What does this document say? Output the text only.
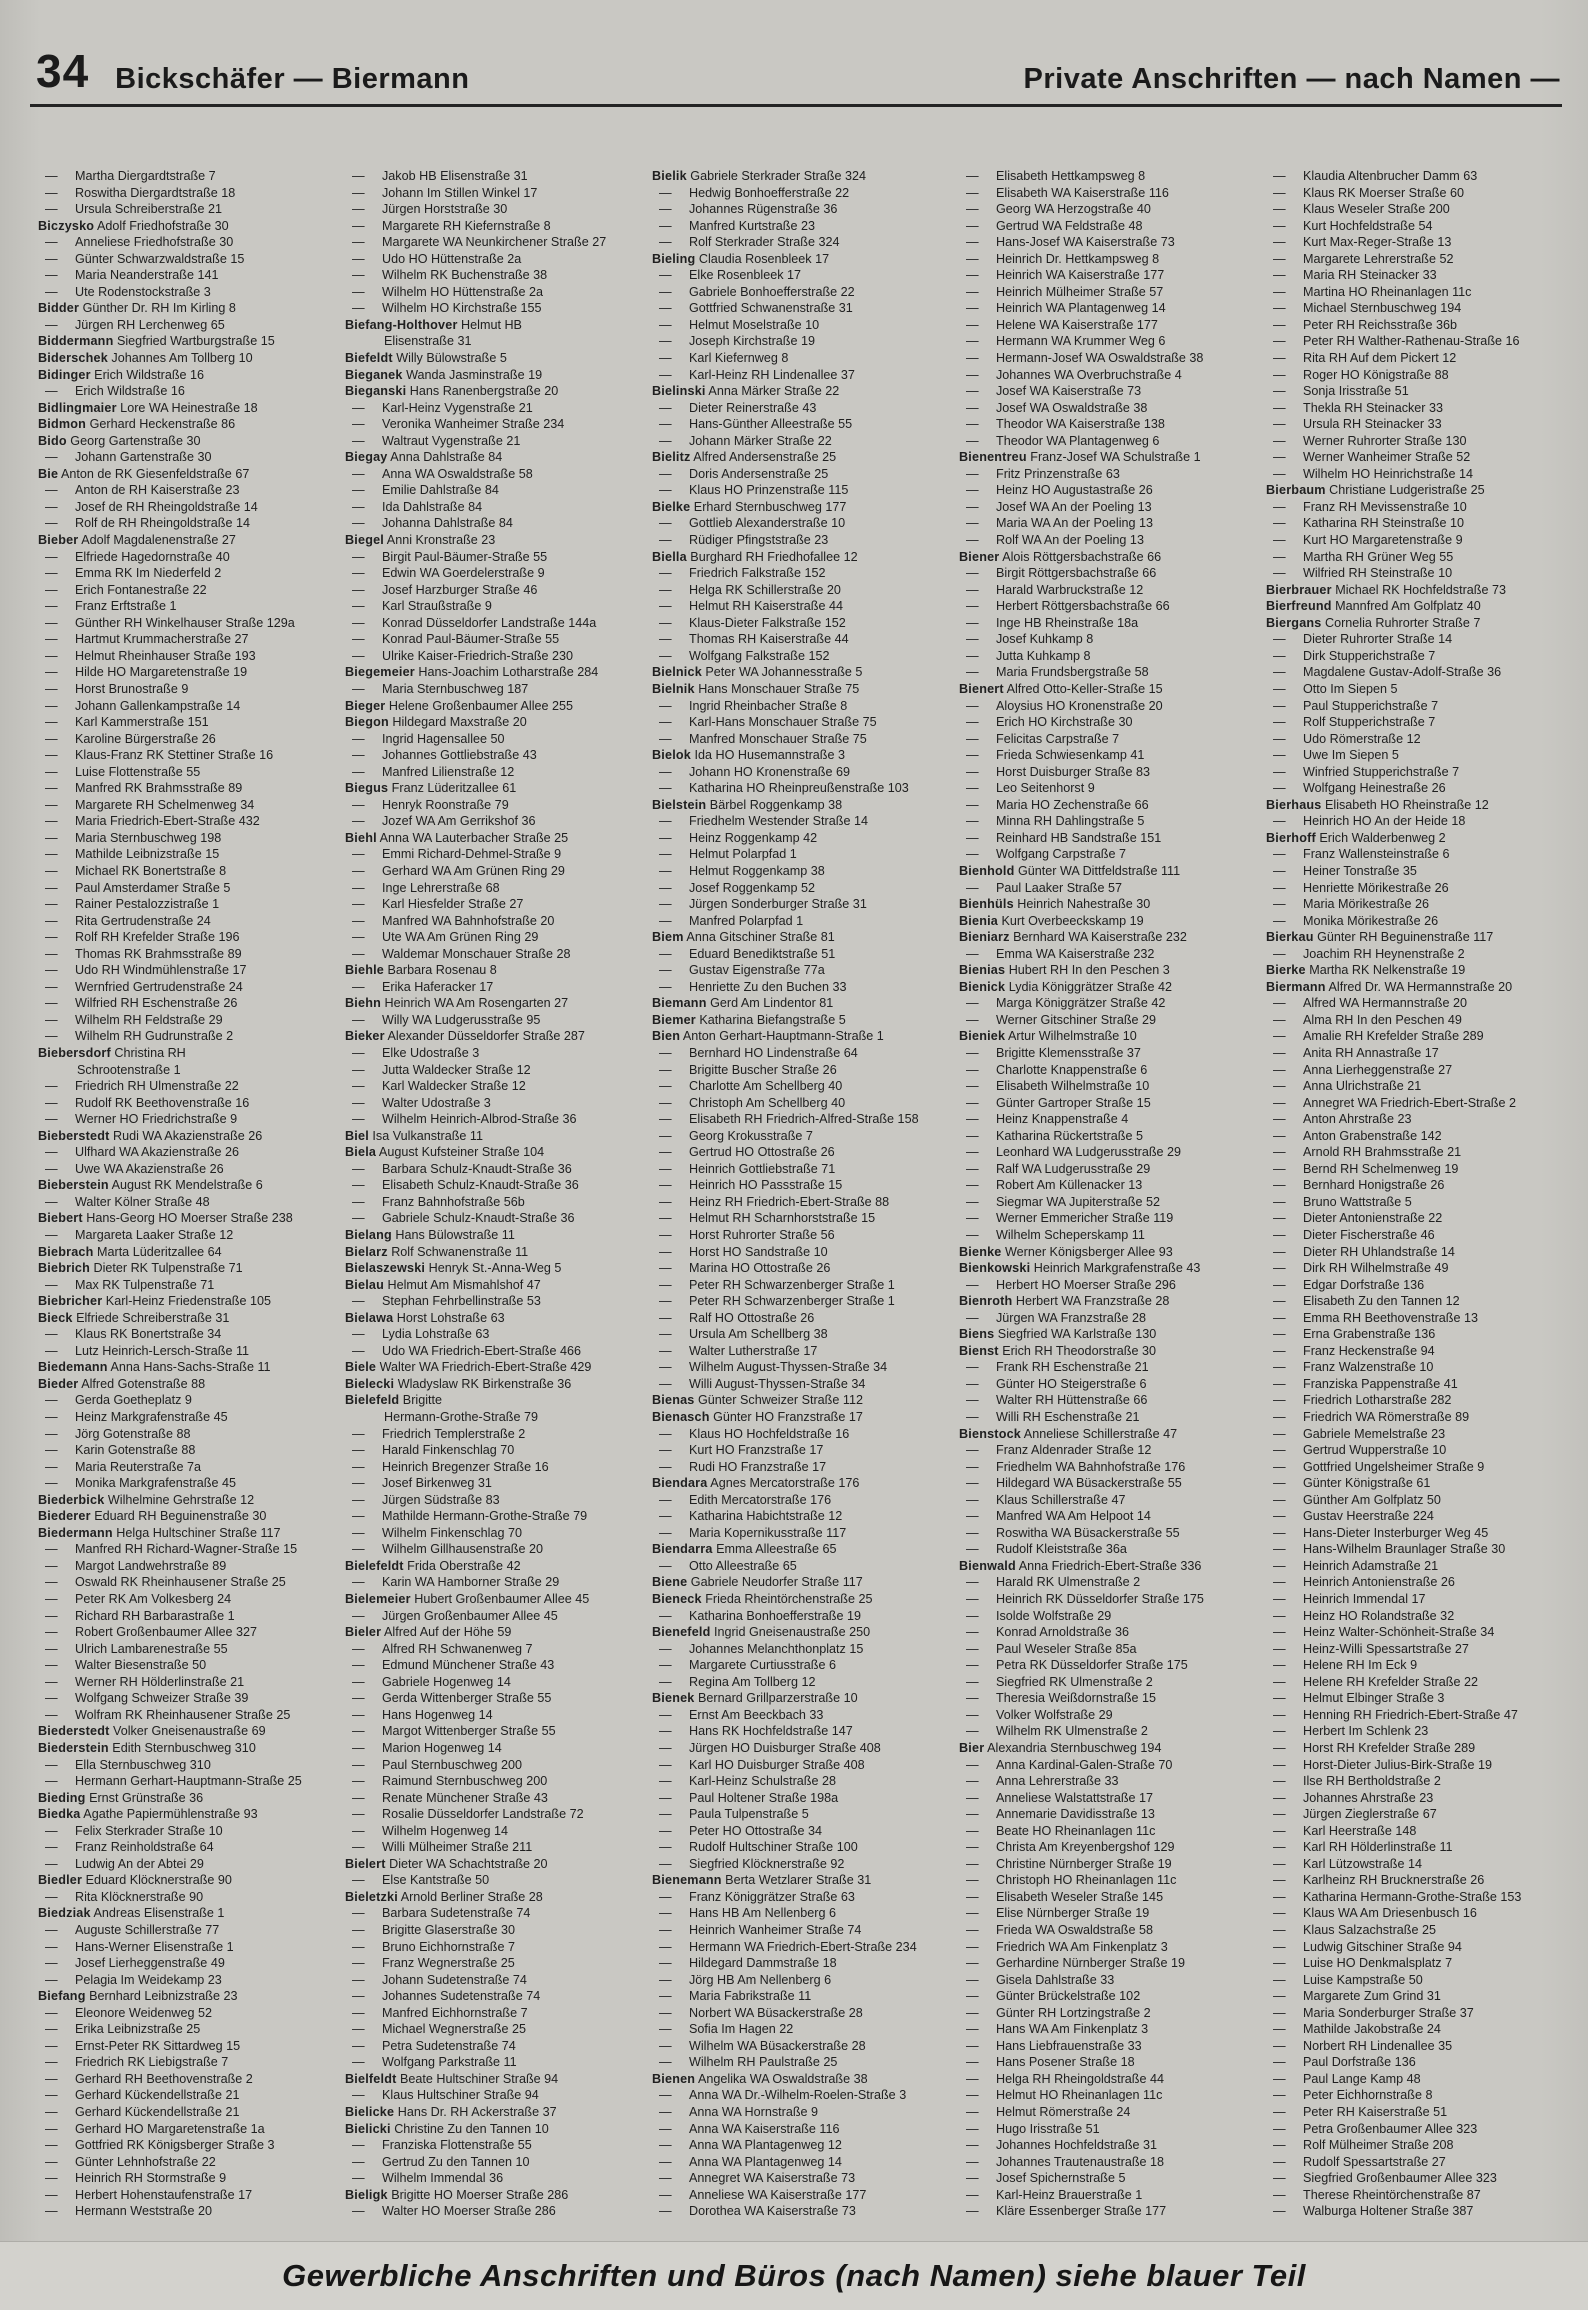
34 Bickschäfer — Biermann	Private Anschriften — nach Namen —
— Martha Diergardtstraße 7
— Roswitha Diergardtstraße 18
— Ursula Schreiberstraße 21
Biczysko Adolf Friedhofstraße 30
— Anneliese Friedhofstraße 30
— Günter Schwarzwaldstraße 15
— Maria Neanderstraße 141
— Ute Rodenstockstraße 3
Bidder Günther Dr. RH Im Kirling 8
— Jürgen RH Lerchenweg 65
Biddermann Siegfried Wartburgstraße 15
Biderschek Johannes Am Tollberg 10
Bidinger Erich Wildstraße 16
— Erich Wildstraße 16
Bidlingmaier Lore WA Heinestraße 18
Bidmon Gerhard Heckenstraße 86
Bido Georg Gartenstraße 30
— Johann Gartenstraße 30
Bie Anton de RK Giesenfeldstraße 67
— Anton de RH Kaiserstraße 23
— Josef de RH Rheingoldstraße 14
— Rolf de RH Rheingoldstraße 14
Bieber Adolf Magdalenenstraße 27
— Elfriede Hagedornstraße 40
— Emma RK Im Niederfeld 2
— Erich Fontanestraße 22
— Franz Erftstraße 1
— Günther RH Winkelhauser Straße 129a
— Hartmut Krummacherstraße 27
— Helmut Rheinhauser Straße 193
— Hilde HO Margaretenstraße 19
— Horst Brunostraße 9
— Johann Gallenkampstraße 14
— Karl Kammerstraße 151
— Karoline Bürgerstraße 26
— Klaus-Franz RK Stettiner Straße 16
— Luise Flottenstraße 55
— Manfred RK Brahmsstraße 89
— Margarete RH Schelmenweg 34
— Maria Friedrich-Ebert-Straße 432
— Maria Sternbuschweg 198
— Mathilde Leibnizstraße 15
— Michael RK Bonertstraße 8
— Paul Amsterdamer Straße 5
— Rainer Pestalozzistraße 1
— Rita Gertrudenstraße 24
— Rolf RH Krefelder Straße 196
— Thomas RK Brahmsstraße 89
— Udo RH Windmühlenstraße 17
— Wernfried Gertrudenstraße 24
— Wilfried RH Eschenstraße 26
— Wilhelm RH Feldstraße 29
— Wilhelm RH Gudrunstraße 2
Biebersdorf Christina RH
Schrootenstraße 1
— Friedrich RH Ulmenstraße 22
— Rudolf RK Beethovenstraße 16
— Werner HO Friedrichstraße 9
Bieberstedt Rudi WA Akazienstraße 26
— Ulfhard WA Akazienstraße 26
— Uwe WA Akazienstraße 26
Bieberstein August RK Mendelstraße 6
— Walter Kölner Straße 48
Biebert Hans-Georg HO Moerser Straße 238
— Margareta Laaker Straße 12
Biebrach Marta Lüderitzallee 64
Biebrich Dieter RK Tulpenstraße 71
— Max RK Tulpenstraße 71
Biebricher Karl-Heinz Friedenstraße 105
Bieck Elfriede Schreiberstraße 31
— Klaus RK Bonertstraße 34
— Lutz Heinrich-Lersch-Straße 11
Biedemann Anna Hans-Sachs-Straße 11
Bieder Alfred Gotenstraße 88
— Gerda Goetheplatz 9
— Heinz Markgrafenstraße 45
— Jörg Gotenstraße 88
— Karin Gotenstraße 88
— Maria Reuterstraße 7a
— Monika Markgrafenstraße 45
Biederbick Wilhelmine Gehrstraße 12
Biederer Eduard RH Beguinenstraße 30
Biedermann Helga Hultschiner Straße 117
— Manfred RH Richard-Wagner-Straße 15
— Margot Landwehrstraße 89
— Oswald RK Rheinhausener Straße 25
— Peter RK Am Volkesberg 24
— Richard RH Barbarastraße 1
— Robert Großenbaumer Allee 327
— Ulrich Lambarenestraße 55
— Walter Biesenstraße 50
— Werner RH Hölderlinstraße 21
— Wolfgang Schweizer Straße 39
— Wolfram RK Rheinhausener Straße 25
Biederstedt Volker Gneisenaustraße 69
Biederstein Edith Sternbuschweg 310
— Ella Sternbuschweg 310
— Hermann Gerhart-Hauptmann-Straße 25
Bieding Ernst Grünstraße 36
Biedka Agathe Papiermühlenstraße 93
— Felix Sterkrader Straße 10
— Franz Reinholdstraße 64
— Ludwig An der Abtei 29
Biedler Eduard Klöcknerstraße 90
— Rita Klöcknerstraße 90
Biedziak Andreas Elisenstraße 1
— Auguste Schillerstraße 77
— Hans-Werner Elisenstraße 1
— Josef Lierheggenstraße 49
— Pelagia Im Weidekamp 23
Biefang Bernhard Leibnizstraße 23
— Eleonore Weidenweg 52
— Erika Leibnizstraße 25
— Ernst-Peter RK Sittardweg 15
— Friedrich RK Liebigstraße 7
— Gerhard RH Beethovenstraße 2
— Gerhard Kückendellstraße 21
— Gerhard Kückendellstraße 21
— Gerhard HO Margaretenstraße 1a
— Gottfried RK Königsberger Straße 3
— Günter Lehnhofstraße 22
— Heinrich RH Stormstraße 9
— Herbert Hohenstaufenstraße 17
— Hermann Weststraße 20
— Jakob HB Elisenstraße 31
— Johann Im Stillen Winkel 17
— Jürgen Horststraße 30
— Margarete RH Kiefernstraße 8
— Margarete WA Neunkirchener Straße 27
— Udo HO Hüttenstraße 2a
— Wilhelm RK Buchenstraße 38
— Wilhelm HO Hüttenstraße 2a
— Wilhelm HO Kirchstraße 155
Biefang-Holthover Helmut HB
Elisenstraße 31
Biefeldt Willy Bülowstraße 5
Bieganek Wanda Jasminstraße 19
Bieganski Hans Ranenbergstraße 20
— Karl-Heinz Vygenstraße 21
— Veronika Wanheimer Straße 234
— Waltraut Vygenstraße 21
Biegay Anna Dahlstraße 84
— Anna WA Oswaldstraße 58
— Emilie Dahlstraße 84
— Ida Dahlstraße 84
— Johanna Dahlstraße 84
Biegel Anni Kronstraße 23
— Birgit Paul-Bäumer-Straße 55
— Edwin WA Goerdelerstraße 9
— Josef Harzburger Straße 46
— Karl Straußstraße 9
— Konrad Düsseldorfer Landstraße 144a
— Konrad Paul-Bäumer-Straße 55
— Ulrike Kaiser-Friedrich-Straße 230
Biegemeier Hans-Joachim Lotharstraße 284
— Maria Sternbuschweg 187
Bieger Helene Großenbaumer Allee 255
Biegon Hildegard Maxstraße 20
— Ingrid Hagensallee 50
— Johannes Gottliebstraße 43
— Manfred Lilienstraße 12
Biegus Franz Lüderitzallee 61
— Henryk Roonstraße 79
— Jozef WA Am Gerrikshof 36
Biehl Anna WA Lauterbacher Straße 25
— Emmi Richard-Dehmel-Straße 9
— Gerhard WA Am Grünen Ring 29
— Inge Lehrerstraße 68
— Karl Hiesfelder Straße 27
— Manfred WA Bahnhofstraße 20
— Ute WA Am Grünen Ring 29
— Waldemar Monschauer Straße 28
Biehle Barbara Rosenau 8
— Erika Haferacker 17
Biehn Heinrich WA Am Rosengarten 27
— Willy WA Ludgerusstraße 95
Bieker Alexander Düsseldorfer Straße 287
— Elke Udostraße 3
— Jutta Waldecker Straße 12
— Karl Waldecker Straße 12
— Walter Udostraße 3
— Wilhelm Heinrich-Albrod-Straße 36
Biel Isa Vulkanstraße 11
Biela August Kufsteiner Straße 104
— Barbara Schulz-Knaudt-Straße 36
— Elisabeth Schulz-Knaudt-Straße 36
— Franz Bahnhofstraße 56b
— Gabriele Schulz-Knaudt-Straße 36
Bielang Hans Bülowstraße 11
Bielarz Rolf Schwanenstraße 11
Bielaszewski Henryk St.-Anna-Weg 5
Bielau Helmut Am Mismahlshof 47
— Stephan Fehrbellinstraße 53
Bielawa Horst Lohstraße 63
— Lydia Lohstraße 63
— Udo WA Friedrich-Ebert-Straße 466
Biele Walter WA Friedrich-Ebert-Straße 429
Bielecki Wladyslaw RK Birkenstraße 36
Bielefeld Brigitte
Hermann-Grothe-Straße 79
— Friedrich Templerstraße 2
— Harald Finkenschlag 70
— Heinrich Bregenzer Straße 16
— Josef Birkenweg 31
— Jürgen Südstraße 83
— Mathilde Hermann-Grothe-Straße 79
— Wilhelm Finkenschlag 70
— Wilhelm Gillhausenstraße 20
Bielefeldt Frida Oberstraße 42
— Karin WA Hamborner Straße 29
Bielemeier Hubert Großenbaumer Allee 45
— Jürgen Großenbaumer Allee 45
Bieler Alfred Auf der Höhe 59
— Alfred RH Schwanenweg 7
— Edmund Münchener Straße 43
— Gabriele Hogenweg 14
— Gerda Wittenberger Straße 55
— Hans Hogenweg 14
— Margot Wittenberger Straße 55
— Marion Hogenweg 14
— Paul Sternbuschweg 200
— Raimund Sternbuschweg 200
— Renate Münchener Straße 43
— Rosalie Düsseldorfer Landstraße 72
— Wilhelm Hogenweg 14
— Willi Mülheimer Straße 211
Bielert Dieter WA Schachtstraße 20
— Else Kantstraße 50
Bieletzki Arnold Berliner Straße 28
— Barbara Sudetenstraße 74
— Brigitte Glaserstraße 30
— Bruno Eichhornstraße 7
— Franz Wegnerstraße 25
— Johann Sudetenstraße 74
— Johannes Sudetenstraße 74
— Manfred Eichhornstraße 7
— Michael Wegnerstraße 25
— Petra Sudetenstraße 74
— Wolfgang Parkstraße 11
Bielfeldt Beate Hultschiner Straße 94
— Klaus Hultschiner Straße 94
Bielicke Hans Dr. RH Ackerstraße 37
Bielicki Christine Zu den Tannen 10
— Franziska Flottenstraße 55
— Gertrud Zu den Tannen 10
— Wilhelm Immendal 36
Bieligk Brigitte HO Moerser Straße 286
— Walter HO Moerser Straße 286
Bielik Gabriele Sterkrader Straße 324
— Hedwig Bonhoefferstraße 22
— Johannes Rügenstraße 36
— Manfred Kurtstraße 23
— Rolf Sterkrader Straße 324
Bieling Claudia Rosenbleek 17
— Elke Rosenbleek 17
— Gabriele Bonhoefferstraße 22
— Gottfried Schwanenstraße 31
— Helmut Moselstraße 10
— Joseph Kirchstraße 19
— Karl Kiefernweg 8
— Karl-Heinz RH Lindenallee 37
Bielinski Anna Märker Straße 22
— Dieter Reinerstraße 43
— Hans-Günther Alleestraße 55
— Johann Märker Straße 22
Bielitz Alfred Andersenstraße 25
— Doris Andersenstraße 25
— Klaus HO Prinzenstraße 115
Bielke Erhard Sternbuschweg 177
— Gottlieb Alexanderstraße 10
— Rüdiger Pfingststraße 23
Biella Burghard RH Friedhofallee 12
— Friedrich Falkstraße 152
— Helga RK Schillerstraße 20
— Helmut RH Kaiserstraße 44
— Klaus-Dieter Falkstraße 152
— Thomas RH Kaiserstraße 44
— Wolfgang Falkstraße 152
Bielnick Peter WA Johannesstraße 5
Bielnik Hans Monschauer Straße 75
— Ingrid Rheinbacher Straße 8
— Karl-Hans Monschauer Straße 75
— Manfred Monschauer Straße 75
Bielok Ida HO Husemannstraße 3
— Johann HO Kronenstraße 69
— Katharina HO Rheinpreußenstraße 103
Bielstein Bärbel Roggenkamp 38
— Friedhelm Westender Straße 14
— Heinz Roggenkamp 42
— Helmut Polarpfad 1
— Helmut Roggenkamp 38
— Josef Roggenkamp 52
— Jürgen Sonderburger Straße 31
— Manfred Polarpfad 1
Biem Anna Gitschiner Straße 81
— Eduard Benediktstraße 51
— Gustav Eigenstraße 77a
— Henriette Zu den Buchen 33
Biemann Gerd Am Lindentor 81
Biemer Katharina Biefangstraße 5
Bien Anton Gerhart-Hauptmann-Straße 1
— Bernhard HO Lindenstraße 64
— Brigitte Buscher Straße 26
— Charlotte Am Schellberg 40
— Christoph Am Schellberg 40
— Elisabeth RH Friedrich-Alfred-Straße 158
— Georg Krokusstraße 7
— Gertrud HO Ottostraße 26
— Heinrich Gottliebstraße 71
— Heinrich HO Passstraße 15
— Heinz RH Friedrich-Ebert-Straße 88
— Helmut RH Scharnhorststraße 15
— Horst Ruhrorter Straße 56
— Horst HO Sandstraße 10
— Marina HO Ottostraße 26
— Peter RH Schwarzenberger Straße 1
— Peter RH Schwarzenberger Straße 1
— Ralf HO Ottostraße 26
— Ursula Am Schellberg 38
— Walter Lutherstraße 17
— Wilhelm August-Thyssen-Straße 34
— Willi August-Thyssen-Straße 34
Bienas Günter Schweizer Straße 112
Bienasch Günter HO Franzstraße 17
— Klaus HO Hochfeldstraße 16
— Kurt HO Franzstraße 17
— Rudi HO Franzstraße 17
Biendara Agnes Mercatorstraße 176
— Edith Mercatorstraße 176
— Katharina Habichtstraße 12
— Maria Kopernikusstraße 117
Biendarra Emma Alleestraße 65
— Otto Alleestraße 65
Biene Gabriele Neudorfer Straße 117
Bieneck Frieda Rheintörchenstraße 25
— Katharina Bonhoefferstraße 19
Bienefeld Ingrid Gneisenaustraße 250
— Johannes Melanchthonplatz 15
— Margarete Curtiusstraße 6
— Regina Am Tollberg 12
Bienek Bernard Grillparzerstraße 10
— Ernst Am Beeckbach 33
— Hans RK Hochfeldstraße 147
— Jürgen HO Duisburger Straße 408
— Karl HO Duisburger Straße 408
— Karl-Heinz Schulstraße 28
— Paul Holtener Straße 198a
— Paula Tulpenstraße 5
— Peter HO Ottostraße 34
— Rudolf Hultschiner Straße 100
— Siegfried Klöcknerstraße 92
Bienemann Berta Wetzlarer Straße 31
— Franz Königgrätzer Straße 63
— Hans HB Am Nellenberg 6
— Heinrich Wanheimer Straße 74
— Hermann WA Friedrich-Ebert-Straße 234
— Hildegard Dammstraße 18
— Jörg HB Am Nellenberg 6
— Maria Fabrikstraße 11
— Norbert WA Büsackerstraße 28
— Sofia Im Hagen 22
— Wilhelm WA Büsackerstraße 28
— Wilhelm RH Paulstraße 25
Bienen Angelika WA Oswaldstraße 38
— Anna WA Dr.-Wilhelm-Roelen-Straße 3
— Anna WA Hornstraße 9
— Anna WA Kaiserstraße 116
— Anna WA Plantagenweg 12
— Anna WA Plantagenweg 14
— Annegret WA Kaiserstraße 73
— Anneliese WA Kaiserstraße 177
— Dorothea WA Kaiserstraße 73
— Elisabeth Hettkampsweg 8
— Elisabeth WA Kaiserstraße 116
— Georg WA Herzogstraße 40
— Gertrud WA Feldstraße 48
— Hans-Josef WA Kaiserstraße 73
— Heinrich Dr. Hettkampsweg 8
— Heinrich WA Kaiserstraße 177
— Heinrich Mülheimer Straße 57
— Heinrich WA Plantagenweg 14
— Helene WA Kaiserstraße 177
— Hermann WA Krummer Weg 6
— Hermann-Josef WA Oswaldstraße 38
— Johannes WA Overbruchstraße 4
— Josef WA Kaiserstraße 73
— Josef WA Oswaldstraße 38
— Theodor WA Kaiserstraße 138
— Theodor WA Plantagenweg 6
Bienentreu Franz-Josef WA Schulstraße 1
— Fritz Prinzenstraße 63
— Heinz HO Augustastraße 26
— Josef WA An der Poeling 13
— Maria WA An der Poeling 13
— Rolf WA An der Poeling 13
Biener Alois Röttgersbachstraße 66
— Birgit Röttgersbachstraße 66
— Harald Warbruckstraße 12
— Herbert Röttgersbachstraße 66
— Inge HB Rheinstraße 18a
— Josef Kuhkamp 8
— Jutta Kuhkamp 8
— Maria Frundsbergstraße 58
Bienert Alfred Otto-Keller-Straße 15
— Aloysius HO Kronenstraße 20
— Erich HO Kirchstraße 30
— Felicitas Carpstraße 7
— Frieda Schwiesenkamp 41
— Horst Duisburger Straße 83
— Leo Seitenhorst 9
— Maria HO Zechenstraße 66
— Minna RH Dahlingstraße 5
— Reinhard HB Sandstraße 151
— Wolfgang Carpstraße 7
Bienhold Günter WA Dittfeldstraße 111
— Paul Laaker Straße 57
Bienhüls Heinrich Nahestraße 30
Bienia Kurt Overbeeckskamp 19
Bieniarz Bernhard WA Kaiserstraße 232
— Emma WA Kaiserstraße 232
Bienias Hubert RH In den Peschen 3
Bienick Lydia Königgrätzer Straße 42
— Marga Königgrätzer Straße 42
— Werner Gitschiner Straße 29
Bieniek Artur Wilhelmstraße 10
— Brigitte Klemensstraße 37
— Charlotte Knappenstraße 6
— Elisabeth Wilhelmstraße 10
— Günter Gartroper Straße 15
— Heinz Knappenstraße 4
— Katharina Rückertstraße 5
— Leonhard WA Ludgerusstraße 29
— Ralf WA Ludgerusstraße 29
— Robert Am Küllenacker 13
— Siegmar WA Jupiterstraße 52
— Werner Emmericher Straße 119
— Wilhelm Scheperskamp 11
Bienke Werner Königsberger Allee 93
Bienkowski Heinrich Markgrafenstraße 43
— Herbert HO Moerser Straße 296
Bienroth Herbert WA Franzstraße 28
— Jürgen WA Franzstraße 28
Biens Siegfried WA Karlstraße 130
Bienst Erich RH Theodorstraße 30
— Frank RH Eschenstraße 21
— Günter HO Steigerstraße 6
— Walter RH Hüttenstraße 66
— Willi RH Eschenstraße 21
Bienstock Anneliese Schillerstraße 47
— Franz Aldenrader Straße 12
— Friedhelm WA Bahnhofstraße 176
— Hildegard WA Büsackerstraße 55
— Klaus Schillerstraße 47
— Manfred WA Am Helpoot 14
— Roswitha WA Büsackerstraße 55
— Rudolf Kleiststraße 36a
Bienwald Anna Friedrich-Ebert-Straße 336
— Harald RK Ulmenstraße 2
— Heinrich RK Düsseldorfer Straße 175
— Isolde Wolfstraße 29
— Konrad Arnoldstraße 36
— Paul Weseler Straße 85a
— Petra RK Düsseldorfer Straße 175
— Siegfried RK Ulmenstraße 2
— Theresia Weißdornstraße 15
— Volker Wolfstraße 29
— Wilhelm RK Ulmenstraße 2
Bier Alexandria Sternbuschweg 194
— Anna Kardinal-Galen-Straße 70
— Anna Lehrerstraße 33
— Anneliese Walstattstraße 17
— Annemarie Davidisstraße 13
— Beate HO Rheinanlagen 11c
— Christa Am Kreyenbergshof 129
— Christine Nürnberger Straße 19
— Christoph HO Rheinanlagen 11c
— Elisabeth Weseler Straße 145
— Elise Nürnberger Straße 19
— Frieda WA Oswaldstraße 58
— Friedrich WA Am Finkenplatz 3
— Gerhardine Nürnberger Straße 19
— Gisela Dahlstraße 33
— Günter Brückelstraße 102
— Günter RH Lortzingstraße 2
— Hans WA Am Finkenplatz 3
— Hans Liebfrauenstraße 33
— Hans Posener Straße 18
— Helga RH Rheingoldstraße 44
— Helmut HO Rheinanlagen 11c
— Helmut Römerstraße 24
— Hugo Irisstraße 51
— Johannes Hochfeldstraße 31
— Johannes Trautenaustraße 18
— Josef Spichernstraße 5
— Karl-Heinz Brauerstraße 1
— Kläre Essenberger Straße 177
— Klaudia Altenbrucher Damm 63
— Klaus RK Moerser Straße 60
— Klaus Weseler Straße 200
— Kurt Hochfeldstraße 54
— Kurt Max-Reger-Straße 13
— Margarete Lehrerstraße 52
— Maria RH Steinacker 33
— Martina HO Rheinanlagen 11c
— Michael Sternbuschweg 194
— Peter RH Reichsstraße 36b
— Peter RH Walther-Rathenau-Straße 16
— Rita RH Auf dem Pickert 12
— Roger HO Königstraße 88
— Sonja Irisstraße 51
— Thekla RH Steinacker 33
— Ursula RH Steinacker 33
— Werner Ruhrorter Straße 130
— Werner Wanheimer Straße 52
— Wilhelm HO Heinrichstraße 14
Bierbaum Christiane Ludgeristraße 25
— Franz RH Mevissenstraße 10
— Katharina RH Steinstraße 10
— Kurt HO Margaretenstraße 9
— Martha RH Grüner Weg 55
— Wilfried RH Steinstraße 10
Bierbrauer Michael RK Hochfeldstraße 73
Bierfreund Mannfred Am Golfplatz 40
Biergans Cornelia Ruhrorter Straße 7
— Dieter Ruhrorter Straße 14
— Dirk Stupperichstraße 7
— Magdalene Gustav-Adolf-Straße 36
— Otto Im Siepen 5
— Paul Stupperichstraße 7
— Rolf Stupperichstraße 7
— Udo Römerstraße 12
— Uwe Im Siepen 5
— Winfried Stupperichstraße 7
— Wolfgang Heinestraße 26
Bierhaus Elisabeth HO Rheinstraße 12
— Heinrich HO An der Heide 18
Bierhoff Erich Walderbenweg 2
— Franz Wallensteinstraße 6
— Heiner Tonstraße 35
— Henriette Mörikestraße 26
— Maria Mörikestraße 26
— Monika Mörikestraße 26
Bierkau Günter RH Beguinenstraße 117
— Joachim RH Heynenstraße 2
Bierke Martha RK Nelkenstraße 19
Biermann Alfred Dr. WA Hermannstraße 20
— Alfred WA Hermannstraße 20
— Alma RH In den Peschen 49
— Amalie RH Krefelder Straße 289
— Anita RH Annastraße 17
— Anna Lierheggenstraße 27
— Anna Ulrichstraße 21
— Annegret WA Friedrich-Ebert-Straße 2
— Anton Ahrstraße 23
— Anton Grabenstraße 142
— Arnold RH Brahmsstraße 21
— Bernd RH Schelmenweg 19
— Bernhard Honigstraße 26
— Bruno Wattstraße 5
— Dieter Antonienstraße 22
— Dieter Fischerstraße 46
— Dieter RH Uhlandstraße 14
— Dirk RH Wilhelmstraße 49
— Edgar Dorfstraße 136
— Elisabeth Zu den Tannen 12
— Emma RH Beethovenstraße 13
— Erna Grabenstraße 136
— Franz Heckenstraße 94
— Franz Walzenstraße 10
— Franziska Pappenstraße 41
— Friedrich Lotharstraße 282
— Friedrich WA Römerstraße 89
— Gabriele Memelstraße 23
— Gertrud Wupperstraße 10
— Gottfried Ungelsheimer Straße 9
— Günter Königstraße 61
— Günther Am Golfplatz 50
— Gustav Heerstraße 224
— Hans-Dieter Insterburger Weg 45
— Hans-Wilhelm Braunlager Straße 30
— Heinrich Adamstraße 21
— Heinrich Antonienstraße 26
— Heinrich Immendal 17
— Heinz HO Rolandstraße 32
— Heinz Walter-Schönheit-Straße 34
— Heinz-Willi Spessartstraße 27
— Helene RH Im Eck 9
— Helene RH Krefelder Straße 22
— Helmut Elbinger Straße 3
— Henning RH Friedrich-Ebert-Straße 47
— Herbert Im Schlenk 23
— Horst RH Krefelder Straße 289
— Horst-Dieter Julius-Birk-Straße 19
— Ilse RH Bertholdstraße 2
— Johannes Ahrstraße 23
— Jürgen Zieglerstraße 67
— Karl Heerstraße 148
— Karl RH Hölderlinstraße 11
— Karl Lützowstraße 14
— Karlheinz RH Brucknerstraße 26
— Katharina Hermann-Grothe-Straße 153
— Klaus WA Am Driesenbusch 16
— Klaus Salzachstraße 25
— Ludwig Gitschiner Straße 94
— Luise HO Denkmalsplatz 7
— Luise Kampstraße 50
— Margarete Zum Grind 31
— Maria Sonderburger Straße 37
— Mathilde Jakobstraße 24
— Norbert RH Lindenallee 35
— Paul Dorfstraße 136
— Paul Lange Kamp 48
— Peter Eichhornstraße 8
— Peter RH Kaiserstraße 51
— Petra Großenbaumer Allee 323
— Rolf Mülheimer Straße 208
— Rudolf Spessartstraße 27
— Siegfried Großenbaumer Allee 323
— Therese Rheintörchenstraße 87
— Walburga Holtener Straße 387
Gewerbliche Anschriften und Büros (nach Namen) siehe blauer Teil
